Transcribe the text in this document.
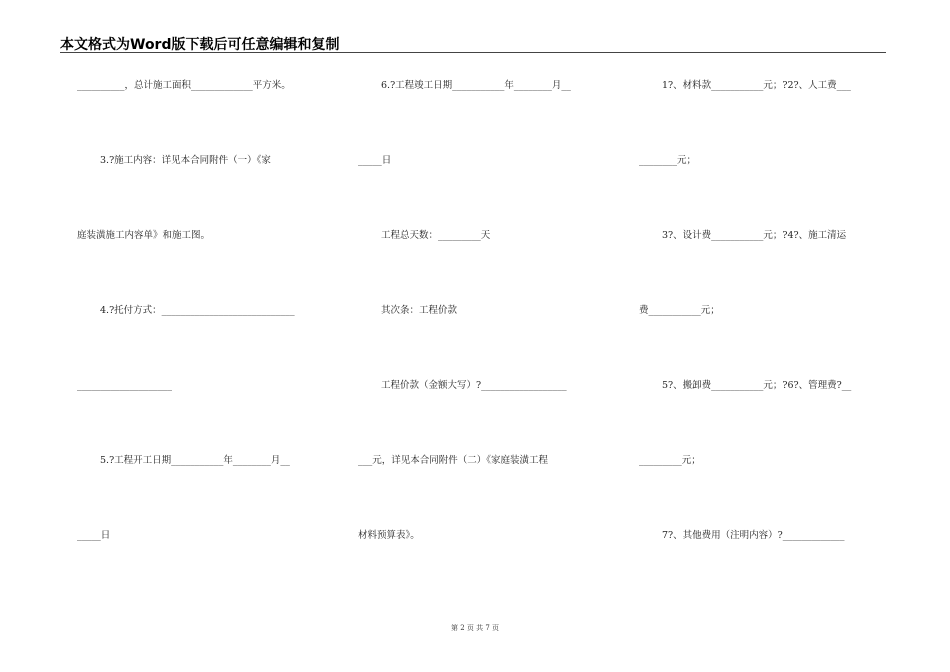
本文格式为Word版下载后可任意编辑和复制
__________，总计施工面积_____________平方米。
3.?施工内容：详见本合同附件（一）《家
庭装潢施工内容单》和施工图。
4.?托付方式：____________________________
____________________
5.?工程开工日期___________年________月__
_____日
6.?工程竣工日期___________年________月__
_____日
工程总天数：_________天
其次条：工程价款
工程价款（金额大写）?__________________
___元，详见本合同附件（二）《家庭装潢工程
材料预算表》。
1?、材料款___________元；?2?、人工费___
________元；
3?、设计费___________元；?4?、施工清运
费___________元；
5?、搬卸费___________元；?6?、管理费?__
_________元；
7?、其他费用（注明内容）?_____________
第 2 页 共 7 页
